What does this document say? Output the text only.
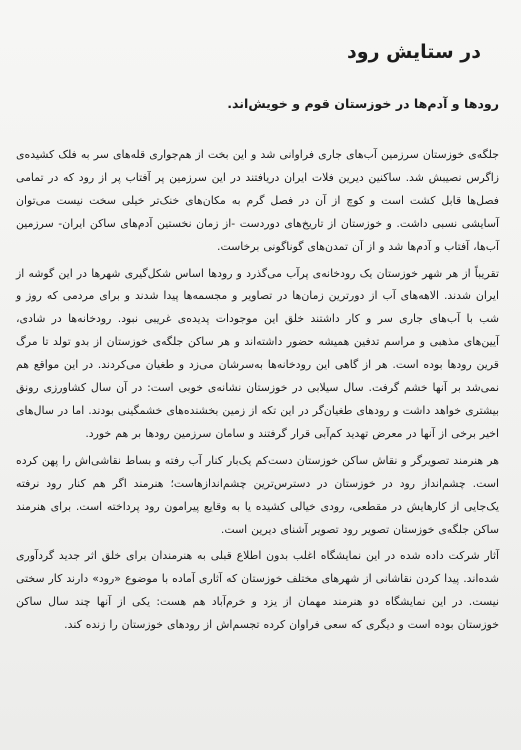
در ستایش رود
رودها و آدم‌ها در خوزستان قوم و خویش‌اند.

جلگه‌ی خوزستان سرزمین آب‌های جاری فراوانی شد و این بخت از هم‌جواری قله‌های سر به فلک کشیده‌ی زاگرس نصیبش شد. ساکنین دیرین فلات ایران دریافتند در این سرزمین پر آفتاب پر از رود که در تمامی فصل‌ها قابل کشت است و کوچ از آن در فصل گرم به مکان‌های خنک‌تر خیلی سخت نیست می‌توان آسایشی نسبی داشت. و خوزستان از تاریخ‌های دوردست -از زمان نخستین آدم‌های ساکن ایران- سرزمین آب‌ها، آفتاب و آدم‌ها شد و از آن تمدن‌های گوناگونی برخاست.

تقریباً از هر شهر خوزستان یک رودخانه‌ی پرآب می‌گذرد و رودها اساس شکل‌گیری شهرها در این گوشه از ایران شدند. الاهه‌های آب از دورترین زمان‌ها در تصاویر و مجسمه‌ها پیدا شدند و برای مردمی که روز و شب با آب‌های جاری سر و کار داشتند خلق این موجودات پدیده‌ی غریبی نبود. رودخانه‌ها در شادی، آیین‌های مذهبی و مراسم تدفین همیشه حضور داشته‌اند و هر ساکن جلگه‌ی خوزستان از بدو تولد تا مرگ قرین رودها بوده است. هر از گاهی این رودخانه‌ها به‌سرشان می‌زد و طغیان می‌کردند. در این مواقع هم نمی‌شد بر آنها خشم گرفت. سال سیلابی در خوزستان نشانه‌ی خوبی است: در آن سال کشاورزی رونق بیشتری خواهد داشت و رودهای طغیان‌گر در این تکه از زمین بخشنده‌های خشمگینی بودند. اما در سال‌های اخیر برخی از آنها در معرض تهدید کم‌آبی قرار گرفتند و سامان سرزمین رودها بر هم خورد.

هر هنرمند تصویرگر و نقاش ساکن خوزستان دست‌کم یک‌بار کنار آب رفته و بساط نقاشی‌اش را پهن کرده است. چشم‌انداز رود در خوزستان در دسترس‌ترین چشم‌اندازهاست؛ هنرمند اگر هم کنار رود نرفته یک‌جایی از کارهایش در مقطعی، رودی خیالی کشیده یا به وقایع پیرامون رود پرداخته است. برای هنرمند ساکن جلگه‌ی خوزستان تصویر رود تصویر آشنای دیرین است.

آثار شرکت داده شده در این نمایشگاه اغلب بدون اطلاع قبلی به هنرمندان برای خلق اثر جدید گردآوری شده‌اند. پیدا کردن نقاشانی از شهرهای مختلف خوزستان که آثاری آماده با موضوع «رود» دارند کار سختی نیست. در این نمایشگاه دو هنرمند مهمان از یزد و خرم‌آباد هم هست: یکی از آنها چند سال ساکن خوزستان بوده است و دیگری که سعی فراوان کرده تجسم‌اش از رودهای خوزستان را زنده کند.
